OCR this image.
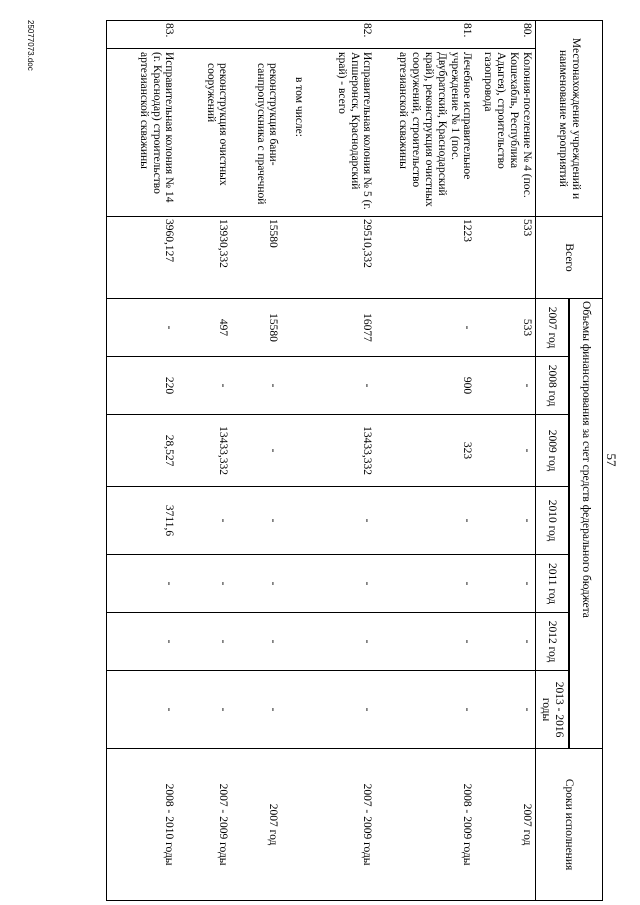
57
Местонахождение учреждений и наименование мероприятий		Всего	Объемы финансирования за счет средств федерального бюджета							Сроки исполнения

			2007 год	2008 год	2009 год	2010 год	2011 год	2012 год	2013 - 2016 годы	
80.	Колония-поселение № 4 (пос. Кошехабль, Республика Адыгея), строительство газопровода	533	533	-	-	-	-	-	-	2007 год
81.	Лечебное исправительное учреждение № 1 (пос. Двубратский, Краснодарский край), реконструкция очистных сооружений, строительство артезианской скважины	1223	-	900	323	-	-	-	-	2008 - 2009 годы
82.	Исправительная колония № 5 (г. Апшеронск, Краснодарский край) - всего	29510,332	16077	-	13433,332	-	-	-	-	2007 - 2009 годы
	в том числе:									
	реконструкция бани-санпропускника с прачечной	15580	15580	-	-	-	-	-	-	2007 год
	реконструкция очистных сооружений	13930,332	497	-	13433,332	-	-	-	-	2007 - 2009 годы
83.	Исправительная колония № 14 (г. Краснодар) строительство артезианской скважины	3960,127	-	220	28,527	3711,6	-	-	-	2008 - 2010 годы

25077073.doc
